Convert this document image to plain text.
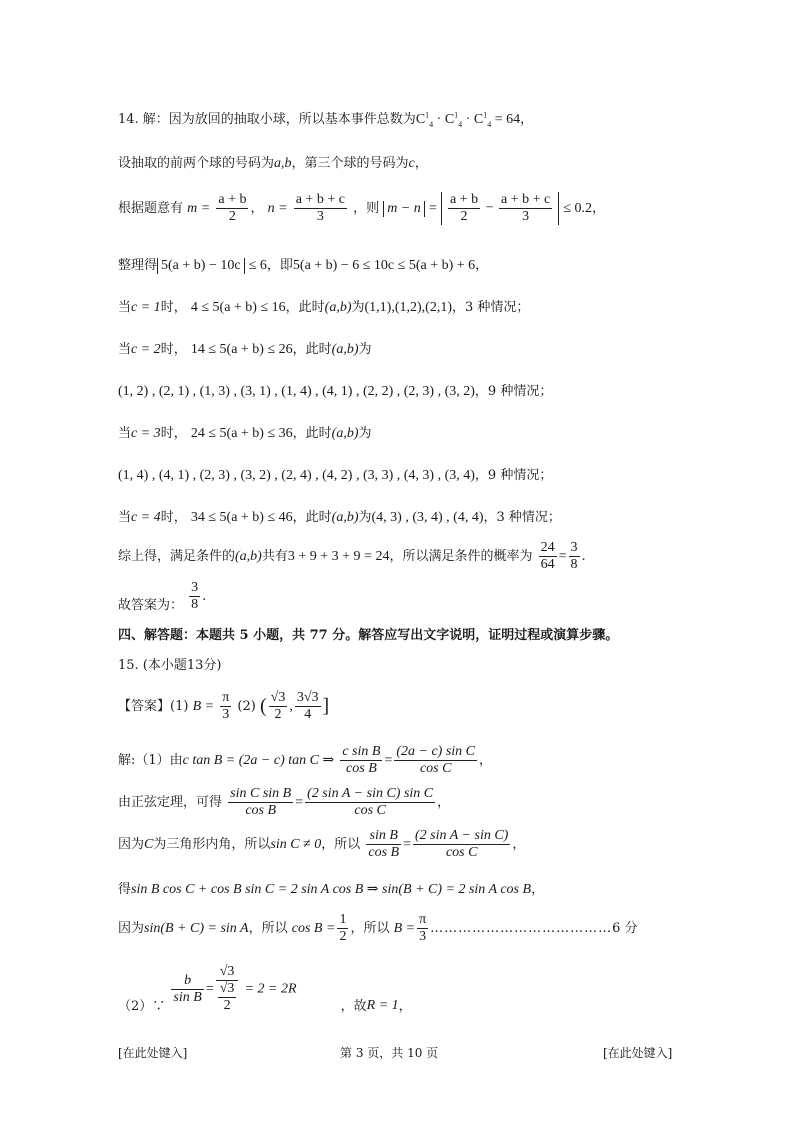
14. 解：因为放回的抽取小球，所以基本事件总数为$C^1_4 \cdot C^1_4 \cdot C^1_4 = 64$，
设抽取的前两个球的号码为a,b，第三个球的号码为c，
根据题意有 $m = \frac{a + b}{2}$ ， $n = \frac{a + b + c}{3}$ ，则 $m - n = \frac{a + b}{2} - \frac{a + b + c}{3} \le 0.2$，
整理得 5(a + b) − 10c ≤ 6，即5(a + b) − 6 ≤ 10c ≤ 5(a + b) + 6，
当c = 1时， 4 ≤ 5(a + b) ≤ 16，此时(a,b)为(1,1),(1,2),(2,1)，3 种情况；
当c = 2时， 14 ≤ 5(a + b) ≤ 26，此时(a,b)为
(1, 2) , (2, 1) , (1, 3) , (3, 1) , (1, 4) , (4, 1) , (2, 2) , (2, 3) , (3, 2)，9 种情况；
当c = 3时， 24 ≤ 5(a + b) ≤ 36，此时(a,b)为
(1, 4) , (4, 1) , (2, 3) , (3, 2) , (2, 4) , (4, 2) , (3, 3) , (4, 3) , (3, 4)，9 种情况；
当c = 4时， 34 ≤ 5(a + b) ≤ 46，此时(a,b)为(4, 3) , (3, 4) , (4, 4)，3 种情况；
综上得，满足条件的(a,b)共有3 + 9 + 3 + 9 = 24，所以满足条件的概率为 $\frac{24}{64} = \frac{3}{8}$ .
故答案为： $\frac{3}{8}$ .
四、解答题：本题共 5 小题，共 77 分。解答应写出文字说明，证明过程或演算步骤。
15. (本小题13分)
【答案】(1) $B = \frac{\pi}{3} (2)$ (
√ $\frac{3}{2}$ , $\frac{3√3}{4}$ ]
解:（1）由c tan B = (2a − c) tan C ⇒ $\frac{\text{c sin B}}{\text{cos B}} = \frac{\text{(2a − c) sin C}}{\text{cos C}}$ ，
由正弦定理，可得 $\frac{\text{sin C sin B}}{\text{cos B}} = \frac{\text{(2 sin A − sin C) sin C}}{\text{cos C}}$ ，
因为C为三角形内角，所以sin C ≠ 0，所以 $\frac{\text{sin B}}{\text{cos B}} = \frac{\text{(2 sin A − sin C)}}{\text{cos C}}$ ，
得sin B cos C + cos B sin C = 2 sin A cos B ⇒ sin(B + C) = 2 sin A cos B，
因为sin(B + C) = sin A，所以 $\cos B = \frac{1}{2}$ ，所以 $B = \frac{\pi}{3}$ …………………………………6 分
（2）∵
$\frac{b}{\text{sin B}} = \frac{√3}{\frac{√3}{2}} = 2 = 2R$ ，故R = 1，
[在此处键入]	第 3 页，共 10 页	[在此处键入]
